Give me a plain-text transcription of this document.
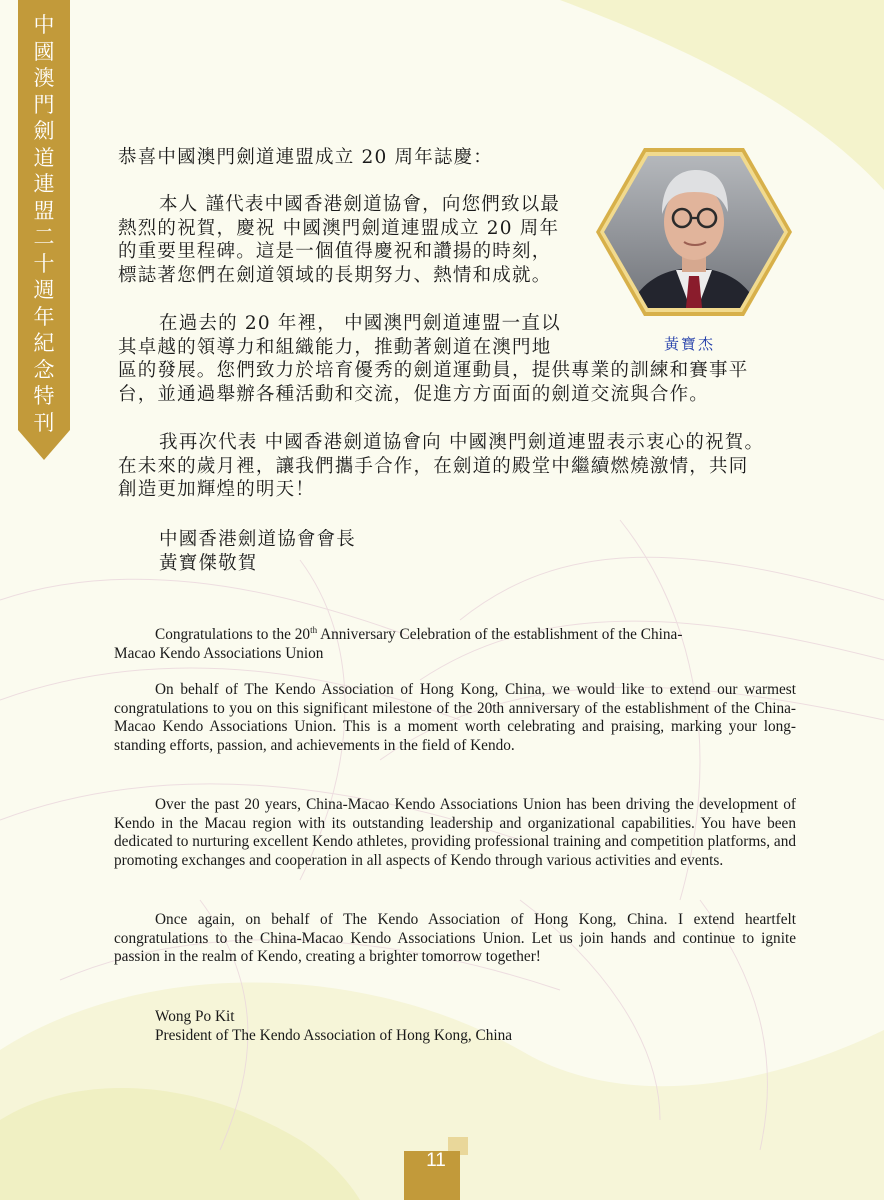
中
國
澳
門
劍
道
連
盟
二
十
週
年
紀
念
特
刊
黃寶杰

恭喜中國澳門劍道連盟成立 20 周年誌慶：

本人 謹代表中國香港劍道協會，向您們致以最

熱烈的祝賀，慶祝 中國澳門劍道連盟成立 20 周年

的重要里程碑。這是一個值得慶祝和讚揚的時刻，

標誌著您們在劍道領域的長期努力、熱情和成就。

在過去的 20 年裡， 中國澳門劍道連盟一直以

其卓越的領導力和組織能力，推動著劍道在澳門地

區的發展。您們致力於培育優秀的劍道運動員，提供專業的訓練和賽事平

台，並通過舉辦各種活動和交流，促進方方面面的劍道交流與合作。

我再次代表 中國香港劍道協會向 中國澳門劍道連盟表示衷心的祝賀。

在未來的歲月裡，讓我們攜手合作，在劍道的殿堂中繼續燃燒激情，共同

創造更加輝煌的明天！

中國香港劍道協會會長

黃寶傑敬賀

Congratulations to the 20th Anniversary Celebration of the establishment of the China-

Macao Kendo Associations Union

On behalf of The Kendo Association of Hong Kong, China, we would like to extend our warmest congratulations to you on this significant milestone of the 20th anniversary of the establishment of the China-Macao Kendo Associations Union. This is a moment worth celebrating and praising, marking your long-standing efforts, passion, and achievements in the field of Kendo.

Over the past 20 years, China-Macao Kendo Associations Union has been driving the development of Kendo in the Macau region with its outstanding leadership and organizational capabilities. You have been dedicated to nurturing excellent Kendo athletes, providing professional training and competition platforms, and promoting exchanges and cooperation in all aspects of Kendo through various activities and events.

Once again, on behalf of The Kendo Association of Hong Kong, China. I extend heartfelt congratulations to the China-Macao Kendo Associations Union. Let us join hands and continue to ignite passion in the realm of Kendo, creating a brighter tomorrow together!

Wong Po Kit

President of The Kendo Association of Hong Kong, China

11
